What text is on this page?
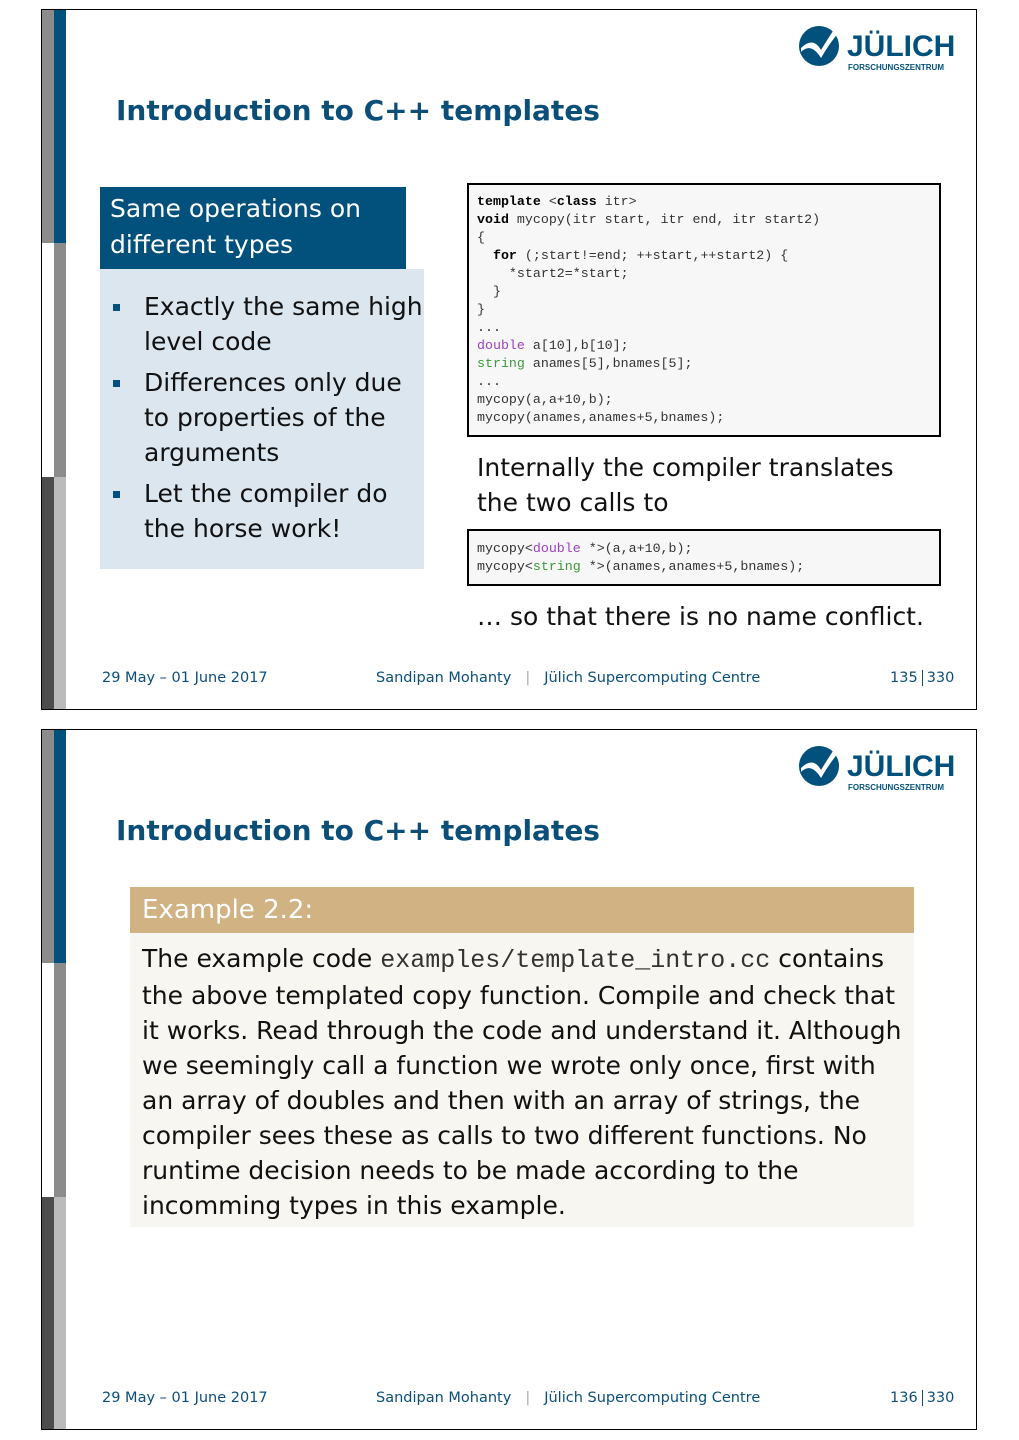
JÜLICH
FORSCHUNGSZENTRUM
Introduction to C++ templates
Same operations on different types
Exactly the same high level code
Differences only due to properties of the arguments
Let the compiler do the horse work!
template <class itr>
void mycopy(itr start, itr end, itr start2)
{
for (;start!=end; ++start,++start2) {
*start2=*start;
}
}
...
double a[10],b[10];
string anames[5],bnames[5];
...
mycopy(a,a+10,b);
mycopy(anames,anames+5,bnames);
Internally the compiler translates the two calls to
mycopy<double *>(a,a+10,b);
mycopy<string *>(anames,anames+5,bnames);
… so that there is no name conflict.
29 May – 01 June 2017	Sandipan Mohanty | Jülich Supercomputing Centre	135 330
JÜLICH
FORSCHUNGSZENTRUM
Introduction to C++ templates
Example 2.2:
The example code examples/template_intro.cc contains the above templated copy function. Compile and check that it works. Read through the code and understand it. Although we seemingly call a function we wrote only once, first with an array of doubles and then with an array of strings, the compiler sees these as calls to two different functions. No runtime decision needs to be made according to the incomming types in this example.
29 May – 01 June 2017	Sandipan Mohanty | Jülich Supercomputing Centre	136 330
